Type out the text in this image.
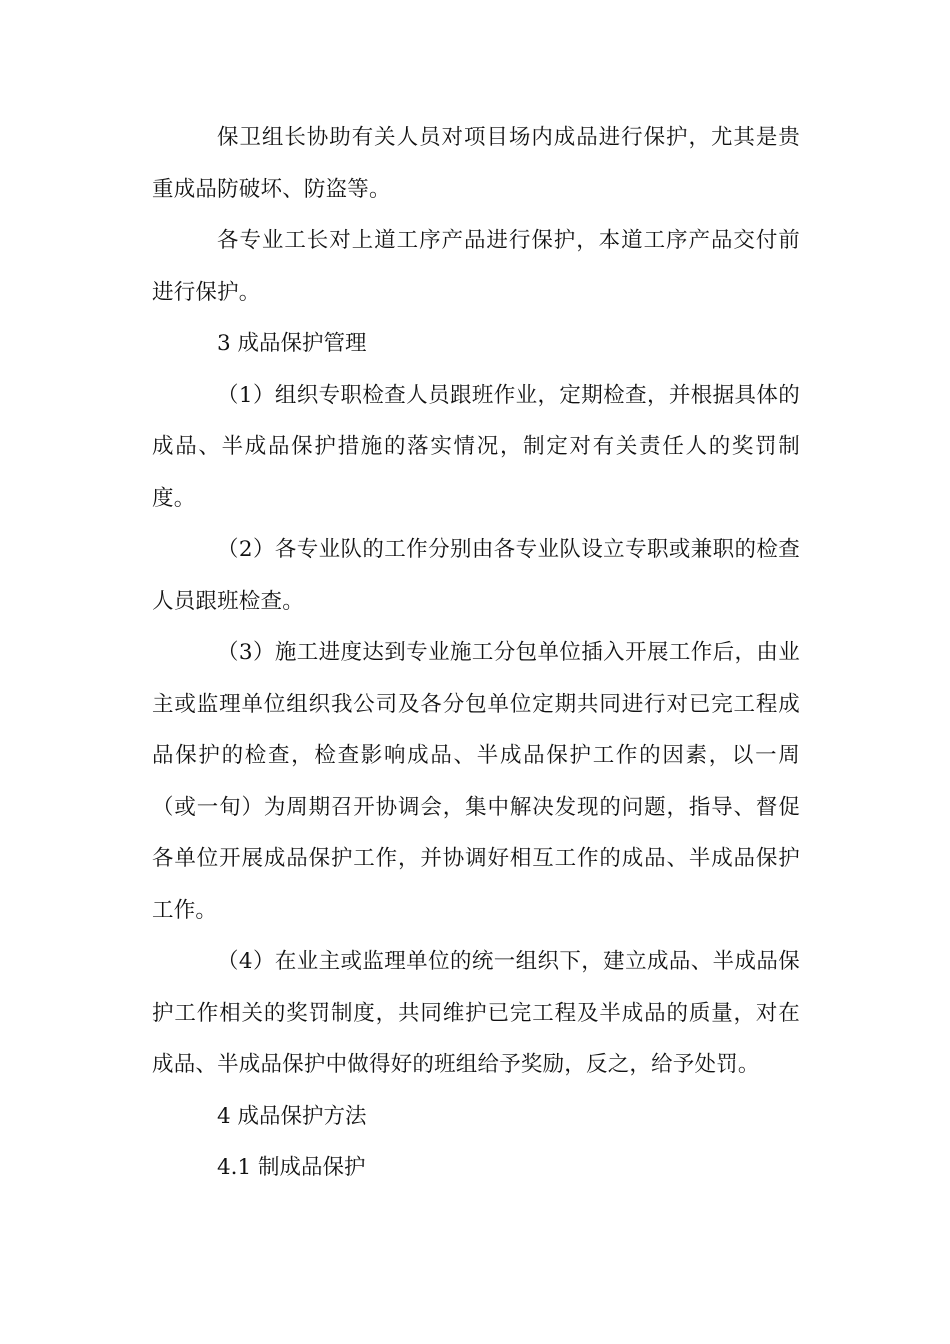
保卫组长协助有关人员对项目场内成品进行保护，尤其是贵重成品防破坏、防盗等。

各专业工长对上道工序产品进行保护，本道工序产品交付前进行保护。

3 成品保护管理

（1）组织专职检查人员跟班作业，定期检查，并根据具体的成品、半成品保护措施的落实情况，制定对有关责任人的奖罚制度。

（2）各专业队的工作分别由各专业队设立专职或兼职的检查人员跟班检查。

（3）施工进度达到专业施工分包单位插入开展工作后，由业主或监理单位组织我公司及各分包单位定期共同进行对已完工程成品保护的检查，检查影响成品、半成品保护工作的因素，以一周（或一旬）为周期召开协调会，集中解决发现的问题，指导、督促各单位开展成品保护工作，并协调好相互工作的成品、半成品保护工作。

（4）在业主或监理单位的统一组织下，建立成品、半成品保护工作相关的奖罚制度，共同维护已完工程及半成品的质量，对在成品、半成品保护中做得好的班组给予奖励，反之，给予处罚。

4 成品保护方法

4.1 制成品保护
